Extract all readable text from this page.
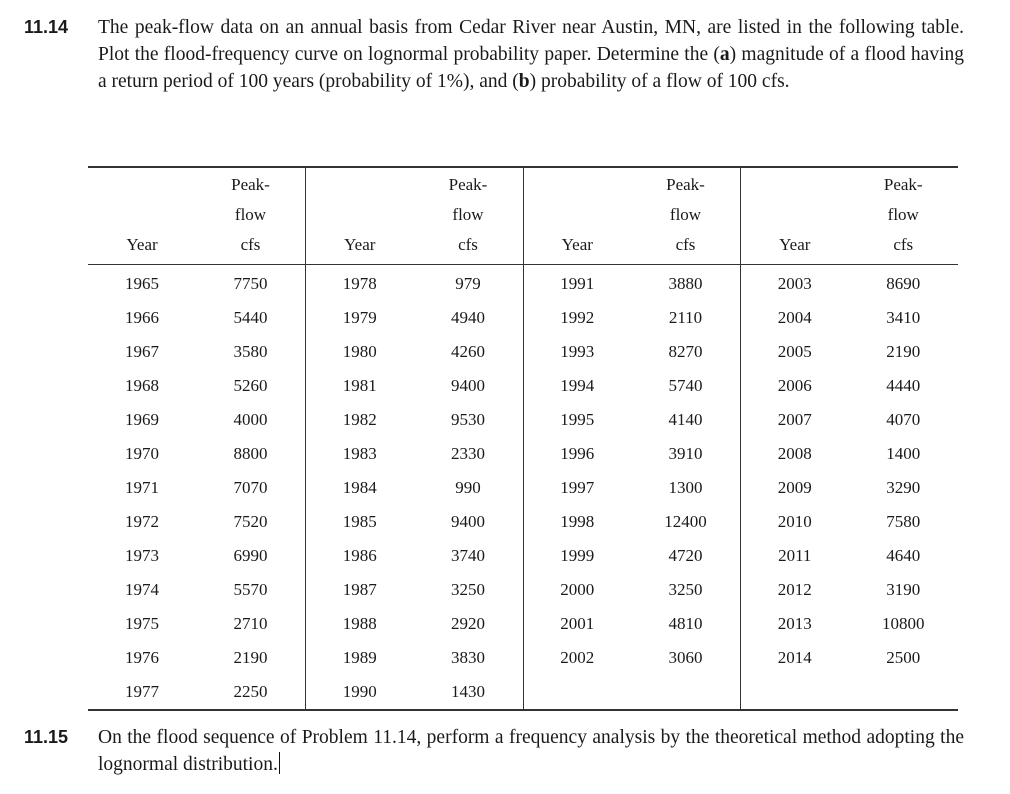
11.14 The peak-flow data on an annual basis from Cedar River near Austin, MN, are listed in the following table. Plot the flood-frequency curve on lognormal probability paper. Determine the (a) magnitude of a flood having a return period of 100 years (probability of 1%), and (b) probability of a flow of 100 cfs.
Year	Peak-
flow
cfs	Year	Peak-
flow
cfs	Year	Peak-
flow
cfs	Year	Peak-
flow
cfs
1965	7750	1978	979	1991	3880	2003	8690
1966	5440	1979	4940	1992	2110	2004	3410
1967	3580	1980	4260	1993	8270	2005	2190
1968	5260	1981	9400	1994	5740	2006	4440
1969	4000	1982	9530	1995	4140	2007	4070
1970	8800	1983	2330	1996	3910	2008	1400
1971	7070	1984	990	1997	1300	2009	3290
1972	7520	1985	9400	1998	12400	2010	7580
1973	6990	1986	3740	1999	4720	2011	4640
1974	5570	1987	3250	2000	3250	2012	3190
1975	2710	1988	2920	2001	4810	2013	10800
1976	2190	1989	3830	2002	3060	2014	2500
1977	2250	1990	1430				
11.15 On the flood sequence of Problem 11.14, perform a frequency analysis by the theoretical method adopting the lognormal distribution.
